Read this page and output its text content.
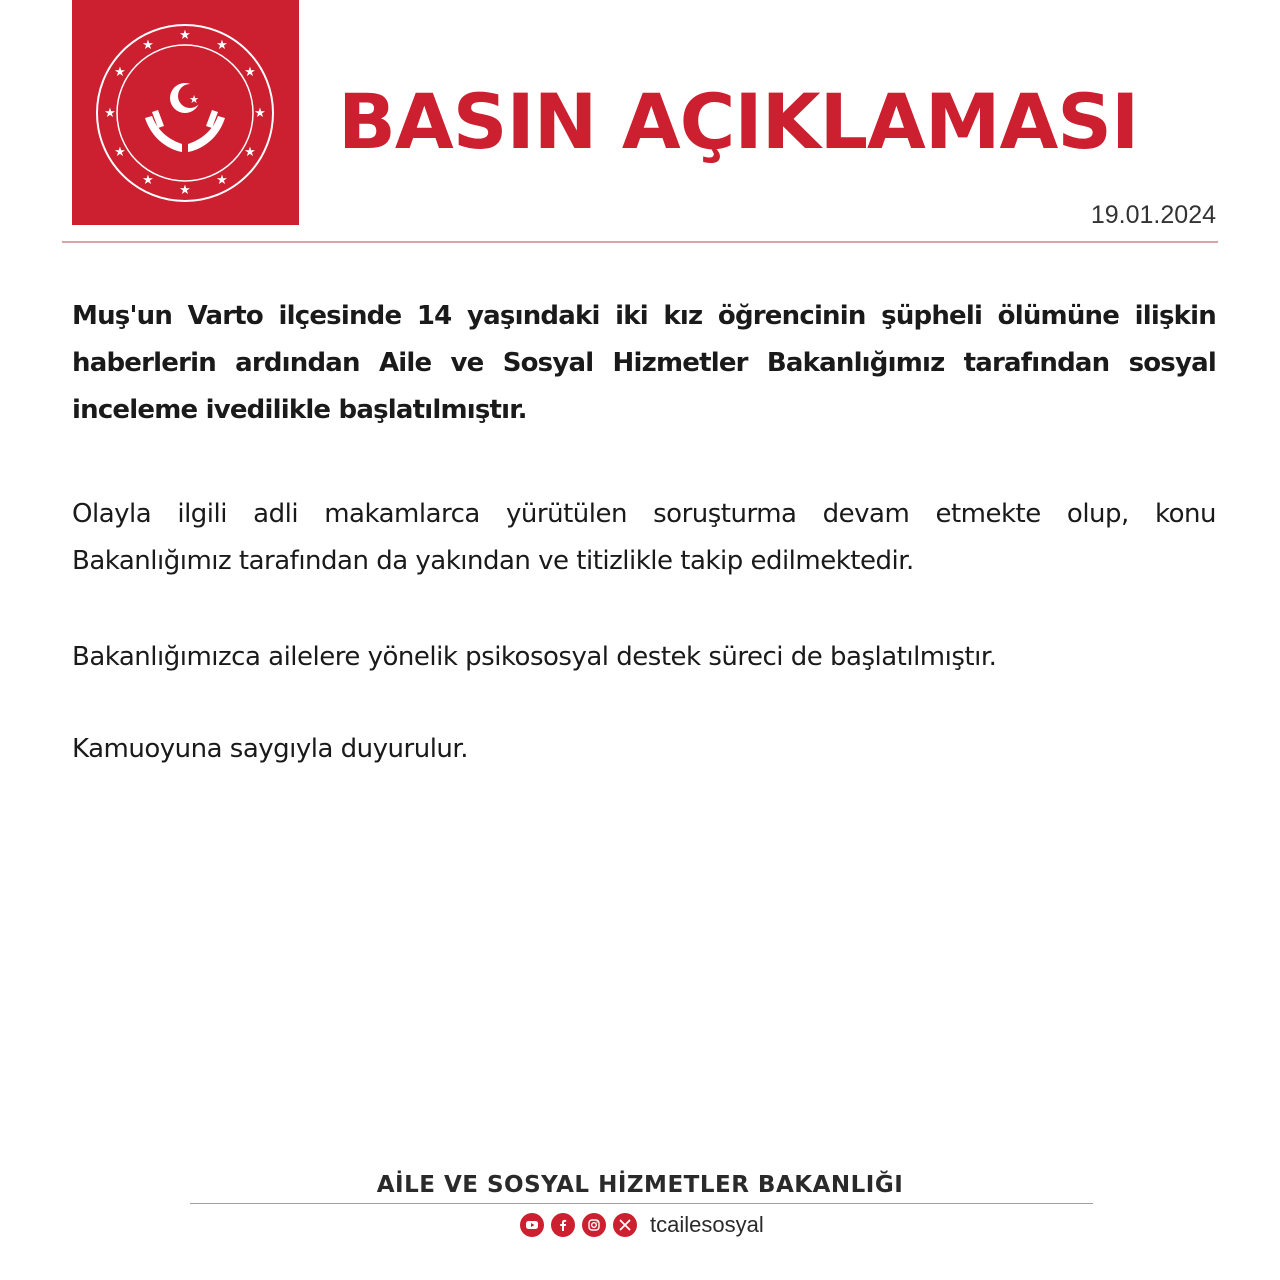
★
★
★
★
★
★
★
★
★
★
★
★
★ BASIN AÇIKLAMASI
19.01.2024
Muş'un Varto ilçesinde 14 yaşındaki iki kız öğrencinin şüpheli ölümüne ilişkin haberlerin ardından Aile ve Sosyal Hizmetler Bakanlığımız tarafından sosyal inceleme ivedilikle başlatılmıştır.
Olayla ilgili adli makamlarca yürütülen soruşturma devam etmekte olup, konu Bakanlığımız tarafından da yakından ve titizlikle takip edilmektedir.
Bakanlığımızca ailelere yönelik psikososyal destek süreci de başlatılmıştır.
Kamuoyuna saygıyla duyurulur.
AİLE VE SOSYAL HİZMETLER BAKANLIĞI
tcailesosyal
